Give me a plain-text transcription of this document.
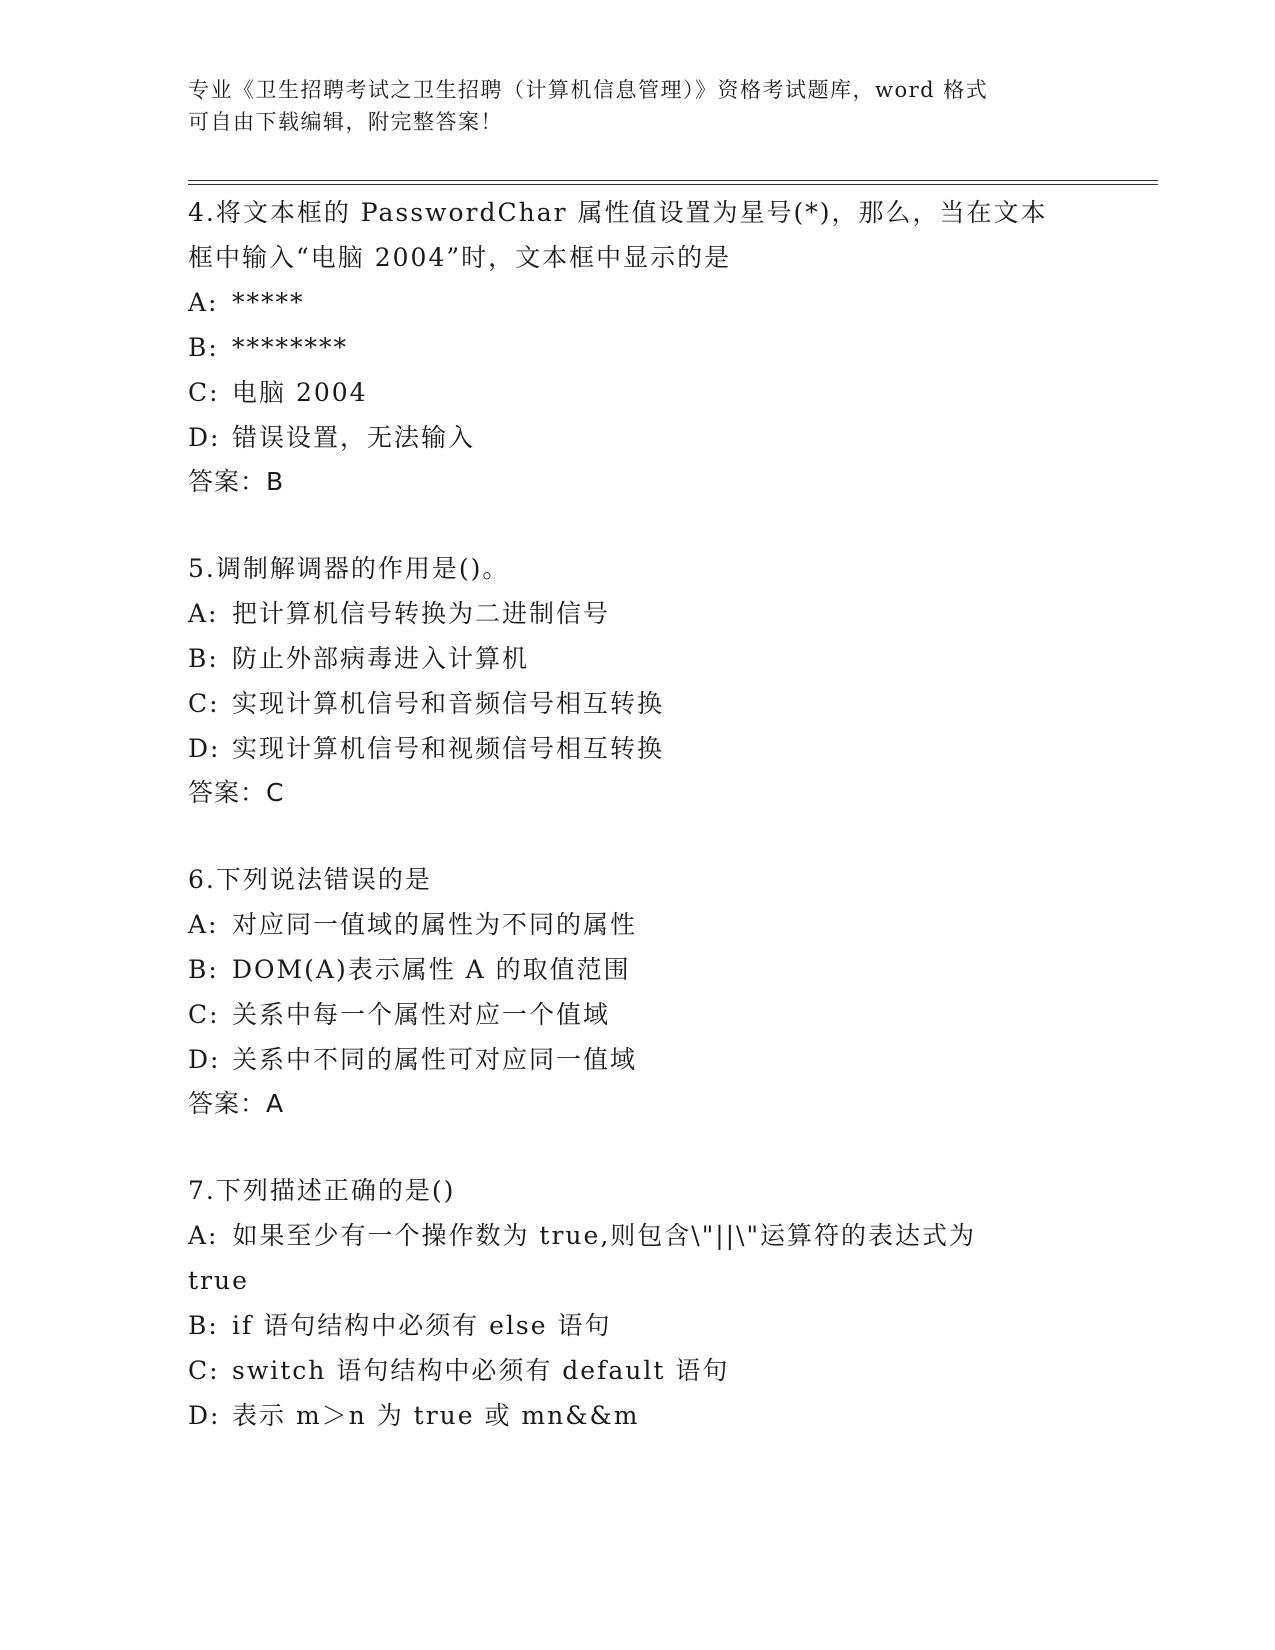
专业《卫生招聘考试之卫生招聘（计算机信息管理）》资格考试题库，word 格式
可自由下载编辑，附完整答案！

4.将文本框的 PasswordChar 属性值设置为星号(*)，那么，当在文本

框中输入“电脑 2004”时，文本框中显示的是

A: *****

B: ********

C: 电脑 2004

D: 错误设置，无法输入

答案：B

5.调制解调器的作用是()。

A: 把计算机信号转换为二进制信号

B: 防止外部病毒进入计算机

C: 实现计算机信号和音频信号相互转换

D: 实现计算机信号和视频信号相互转换

答案：C

6.下列说法错误的是

A: 对应同一值域的属性为不同的属性

B: DOM(A)表示属性 A 的取值范围

C: 关系中每一个属性对应一个值域

D: 关系中不同的属性可对应同一值域

答案：A

7.下列描述正确的是()

A: 如果至少有一个操作数为 true,则包含\"||\"运算符的表达式为

true

B: if 语句结构中必须有 else 语句

C: switch 语句结构中必须有 default 语句

D: 表示 m＞n 为 true 或 mn&&m
